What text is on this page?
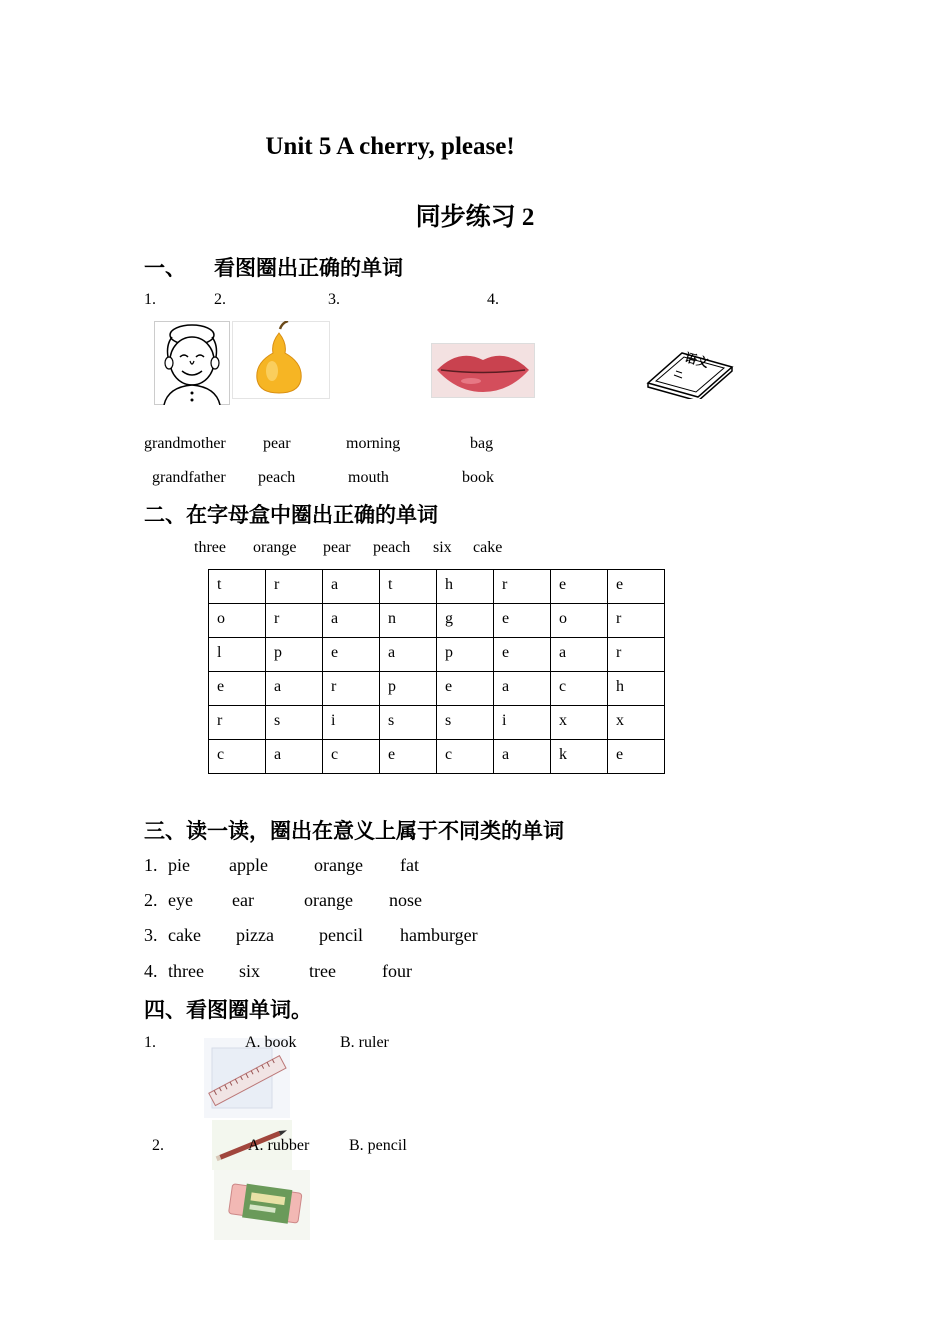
Unit 5 A cherry, please!
同步练习 2
一、 看图圈出正确的单词
1.	2.	3.	4.
语文
grandmother pear	morning	bag
grandfather peach	mouth	book
二、在字母盒中圈出正确的单词
three orange pear peach six cake
t	r	a	t	h	r	e	e
o	r	a	n	g	e	o	r
l	p	e	a	p	e	a	r
e	a	r	p	e	a	c	h
r	s	i	s	s	i	x	x
c	a	c	e	c	a	k	e
三、读一读，圈出在意义上属于不同类的单词
1. pie apple	orange fat
2. eye ear	orange nose
3. cake pizza	pencil hamburger
4. three six	tree	four
四、看图圈单词。
1.	A. book	B. ruler
2.	A. rubber B. pencil
